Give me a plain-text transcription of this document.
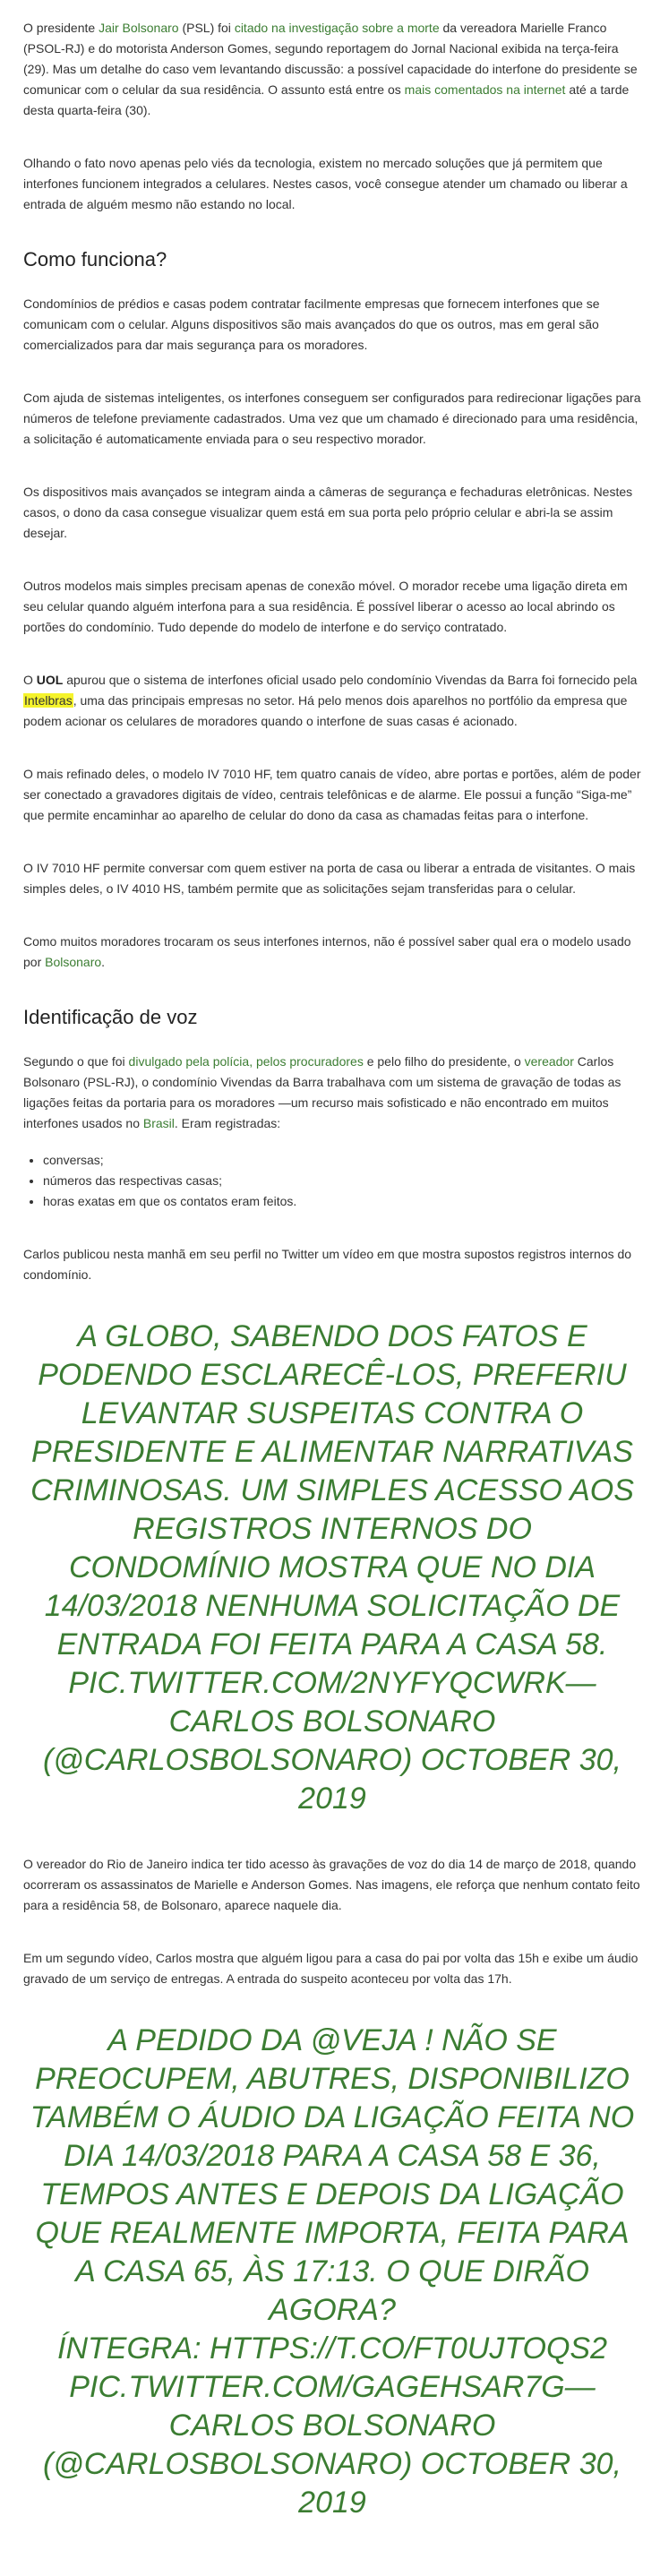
O presidente Jair Bolsonaro (PSL) foi citado na investigação sobre a morte da vereadora Marielle Franco (PSOL-RJ) e do motorista Anderson Gomes, segundo reportagem do Jornal Nacional exibida na terça-feira (29). Mas um detalhe do caso vem levantando discussão: a possível capacidade do interfone do presidente se comunicar com o celular da sua residência. O assunto está entre os mais comentados na internet até a tarde desta quarta-feira (30).

Olhando o fato novo apenas pelo viés da tecnologia, existem no mercado soluções que já permitem que interfones funcionem integrados a celulares. Nestes casos, você consegue atender um chamado ou liberar a entrada de alguém mesmo não estando no local.

Como funciona?

Condomínios de prédios e casas podem contratar facilmente empresas que fornecem interfones que se comunicam com o celular. Alguns dispositivos são mais avançados do que os outros, mas em geral são comercializados para dar mais segurança para os moradores.

Com ajuda de sistemas inteligentes, os interfones conseguem ser configurados para redirecionar ligações para números de telefone previamente cadastrados. Uma vez que um chamado é direcionado para uma residência, a solicitação é automaticamente enviada para o seu respectivo morador.

Os dispositivos mais avançados se integram ainda a câmeras de segurança e fechaduras eletrônicas. Nestes casos, o dono da casa consegue visualizar quem está em sua porta pelo próprio celular e abri-la se assim desejar.

Outros modelos mais simples precisam apenas de conexão móvel. O morador recebe uma ligação direta em seu celular quando alguém interfona para a sua residência. É possível liberar o acesso ao local abrindo os portões do condomínio. Tudo depende do modelo de interfone e do serviço contratado.

O UOL apurou que o sistema de interfones oficial usado pelo condomínio Vivendas da Barra foi fornecido pela Intelbras, uma das principais empresas no setor. Há pelo menos dois aparelhos no portfólio da empresa que podem acionar os celulares de moradores quando o interfone de suas casas é acionado.

O mais refinado deles, o modelo IV 7010 HF, tem quatro canais de vídeo, abre portas e portões, além de poder ser conectado a gravadores digitais de vídeo, centrais telefônicas e de alarme. Ele possui a função “Siga-me” que permite encaminhar ao aparelho de celular do dono da casa as chamadas feitas para o interfone.

O IV 7010 HF permite conversar com quem estiver na porta de casa ou liberar a entrada de visitantes. O mais simples deles, o IV 4010 HS, também permite que as solicitações sejam transferidas para o celular.

Como muitos moradores trocaram os seus interfones internos, não é possível saber qual era o modelo usado por Bolsonaro.

Identificação de voz

Segundo o que foi divulgado pela polícia, pelos procuradores e pelo filho do presidente, o vereador Carlos Bolsonaro (PSL-RJ), o condomínio Vivendas da Barra trabalhava com um sistema de gravação de todas as ligações feitas da portaria para os moradores —um recurso mais sofisticado e não encontrado em muitos interfones usados no Brasil. Eram registradas:

• conversas;
• números das respectivas casas;
• horas exatas em que os contatos eram feitos.

Carlos publicou nesta manhã em seu perfil no Twitter um vídeo em que mostra supostos registros internos do condomínio.

A GLOBO, SABENDO DOS FATOS E PODENDO ESCLARECÊ-LOS, PREFERIU LEVANTAR SUSPEITAS CONTRA O PRESIDENTE E ALIMENTAR NARRATIVAS CRIMINOSAS. UM SIMPLES ACESSO AOS REGISTROS INTERNOS DO CONDOMÍNIO MOSTRA QUE NO DIA 14/03/2018 NENHUMA SOLICITAÇÃO DE ENTRADA FOI FEITA PARA A CASA 58. PIC.TWITTER.COM/2NYFYQCWRK— CARLOS BOLSONARO (@CARLOSBOLSONARO) OCTOBER 30, 2019

O vereador do Rio de Janeiro indica ter tido acesso às gravações de voz do dia 14 de março de 2018, quando ocorreram os assassinatos de Marielle e Anderson Gomes. Nas imagens, ele reforça que nenhum contato feito para a residência 58, de Bolsonaro, aparece naquele dia.

Em um segundo vídeo, Carlos mostra que alguém ligou para a casa do pai por volta das 15h e exibe um áudio gravado de um serviço de entregas. A entrada do suspeito aconteceu por volta das 17h.

A PEDIDO DA @VEJA ! NÃO SE PREOCUPEM, ABUTRES, DISPONIBILIZO TAMBÉM O ÁUDIO DA LIGAÇÃO FEITA NO DIA 14/03/2018 PARA A CASA 58 E 36, TEMPOS ANTES E DEPOIS DA LIGAÇÃO QUE REALMENTE IMPORTA, FEITA PARA A CASA 65, ÀS 17:13. O QUE DIRÃO AGORA?
ÍNTEGRA: HTTPS://T.CO/FT0UJTOQS2 PIC.TWITTER.COM/GAGEHSAR7G— CARLOS BOLSONARO (@CARLOSBOLSONARO) OCTOBER 30, 2019
